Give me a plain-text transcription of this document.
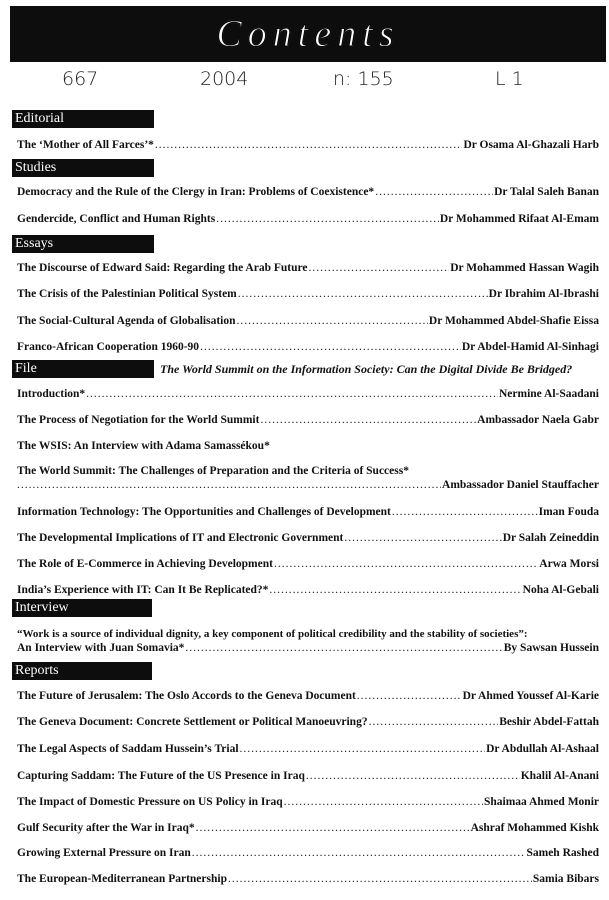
Contents
667	2004	n: 155	L 1
Editorial
The ‘Mother of All Farces’* .....	Dr Osama Al-Ghazali Harb
Studies
Democracy and the Rule of the Clergy in Iran: Problems of Coexistence* .....	Dr Talal Saleh Banan
Gendercide, Conflict and Human Rights .....	Dr Mohammed Rifaat Al-Emam
Essays
The Discourse of Edward Said: Regarding the Arab Future .....	Dr Mohammed Hassan Wagih
The Crisis of the Palestinian Political System .....	Dr Ibrahim Al-Ibrashi
The Social-Cultural Agenda of Globalisation .....	Dr Mohammed Abdel-Shafie Eissa
Franco-African Cooperation 1960-90 .....	Dr Abdel-Hamid Al-Sinhagi
File	The World Summit on the Information Society: Can the Digital Divide Be Bridged?
Introduction* .....	Nermine Al-Saadani
The Process of Negotiation for the World Summit .....	Ambassador Naela Gabr
The WSIS: An Interview with Adama Samassékou*
The World Summit: The Challenges of Preparation and the Criteria of Success*
.....
Ambassador Daniel Stauffacher
Information Technology: The Opportunities and Challenges of Development .....	Iman Fouda
The Developmental Implications of IT and Electronic Government .....	Dr Salah Zeineddin
The Role of E-Commerce in Achieving Development .....	Arwa Morsi
India’s Experience with IT: Can It Be Replicated?* .....	Noha Al-Gebali
Interview
“Work is a source of individual dignity, a key component of political credibility and the stability of societies”:
An Interview with Juan Somavia* .....	By Sawsan Hussein
Reports
The Future of Jerusalem: The Oslo Accords to the Geneva Document .....	Dr Ahmed Youssef Al-Karie
The Geneva Document: Concrete Settlement or Political Manoeuvring? .....	Beshir Abdel-Fattah
The Legal Aspects of Saddam Hussein’s Trial .....	Dr Abdullah Al-Ashaal
Capturing Saddam: The Future of the US Presence in Iraq .....	Khalil Al-Anani
The Impact of Domestic Pressure on US Policy in Iraq .....	Shaimaa Ahmed Monir
Gulf Security after the War in Iraq* .....	Ashraf Mohammed Kishk
Growing External Pressure on Iran .....	Sameh Rashed
The European-Mediterranean Partnership .....	Samia Bibars
